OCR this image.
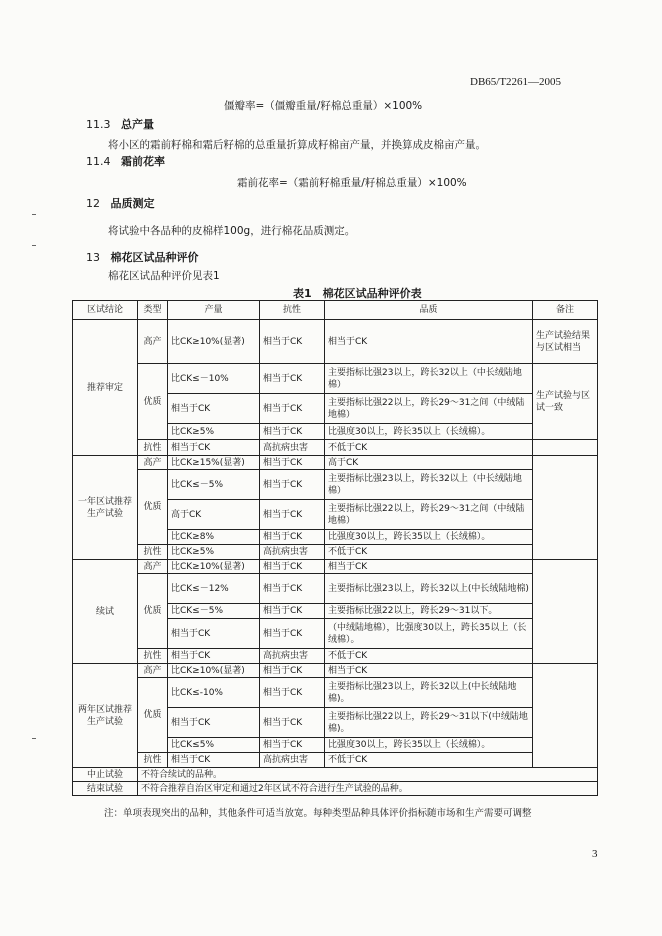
DB65/T2261—2005
僵瓣率=（僵瓣重量/籽棉总重量）×100%
11.3 总产量
将小区的霜前籽棉和霜后籽棉的总重量折算成籽棉亩产量，并换算成皮棉亩产量。
11.4 霜前花率
霜前花率=（霜前籽棉重量/籽棉总重量）×100%
12 品质测定
将试验中各品种的皮棉样100g，进行棉花品质测定。
13 棉花区试品种评价
棉花区试品种评价见表1
表1　棉花区试品种评价表
区试结论	类型	产量	抗性	品质	备注
推荐审定	高产	比CK≥10%(显著)	相当于CK	相当于CK	生产试验结果与区试相当
	优质	比CK≤－10%	相当于CK	主要指标比强23以上，跨长32以上（中长绒陆地棉）	生产试验与区试一致
		相当于CK	相当于CK	主要指标比强22以上，跨长29～31之间（中绒陆地棉）	
		比CK≥5%	相当于CK	比强度30以上，跨长35以上（长绒棉）。	
	抗性	相当于CK	高抗病虫害	不低于CK	
一年区试推荐生产试验	高产	比CK≥15%(显著)	相当于CK	高于CK	
	优质	比CK≤－5%	相当于CK	主要指标比强23以上，跨长32以上（中长绒陆地棉）	
		高于CK	相当于CK	主要指标比强22以上，跨长29～31之间（中绒陆地棉）	
		比CK≥8%	相当于CK	比强度30以上，跨长35以上（长绒棉）。	
	抗性	比CK≥5%	高抗病虫害	不低于CK	
续试	高产	比CK≥10%(显著)	相当于CK	相当于CK	
	优质	比CK≤－12%	相当于CK	主要指标比强23以上，跨长32以上(中长绒陆地棉)	
		比CK≤－5%	相当于CK	主要指标比强22以上，跨长29～31以下。	
		相当于CK	相当于CK	（中绒陆地棉），比强度30以上，跨长35以上（长绒棉）。	
	抗性	相当于CK	高抗病虫害	不低于CK	
两年区试推荐生产试验	高产	比CK≥10%(显著)	相当于CK	相当于CK	
	优质	比CK≤-10%	相当于CK	主要指标比强23以上，跨长32以上(中长绒陆地棉)。	
		相当于CK	相当于CK	主要指标比强22以上，跨长29～31以下(中绒陆地棉)。	
		比CK≤5%	相当于CK	比强度30以上，跨长35以上（长绒棉）。	
	抗性	相当于CK	高抗病虫害	不低于CK	
中止试验	不符合续试的品种。				
结束试验	不符合推荐自治区审定和通过2年区试不符合进行生产试验的品种。				
注：单项表现突出的品种，其他条件可适当放宽。每种类型品种具体评价指标随市场和生产需要可调整
3
